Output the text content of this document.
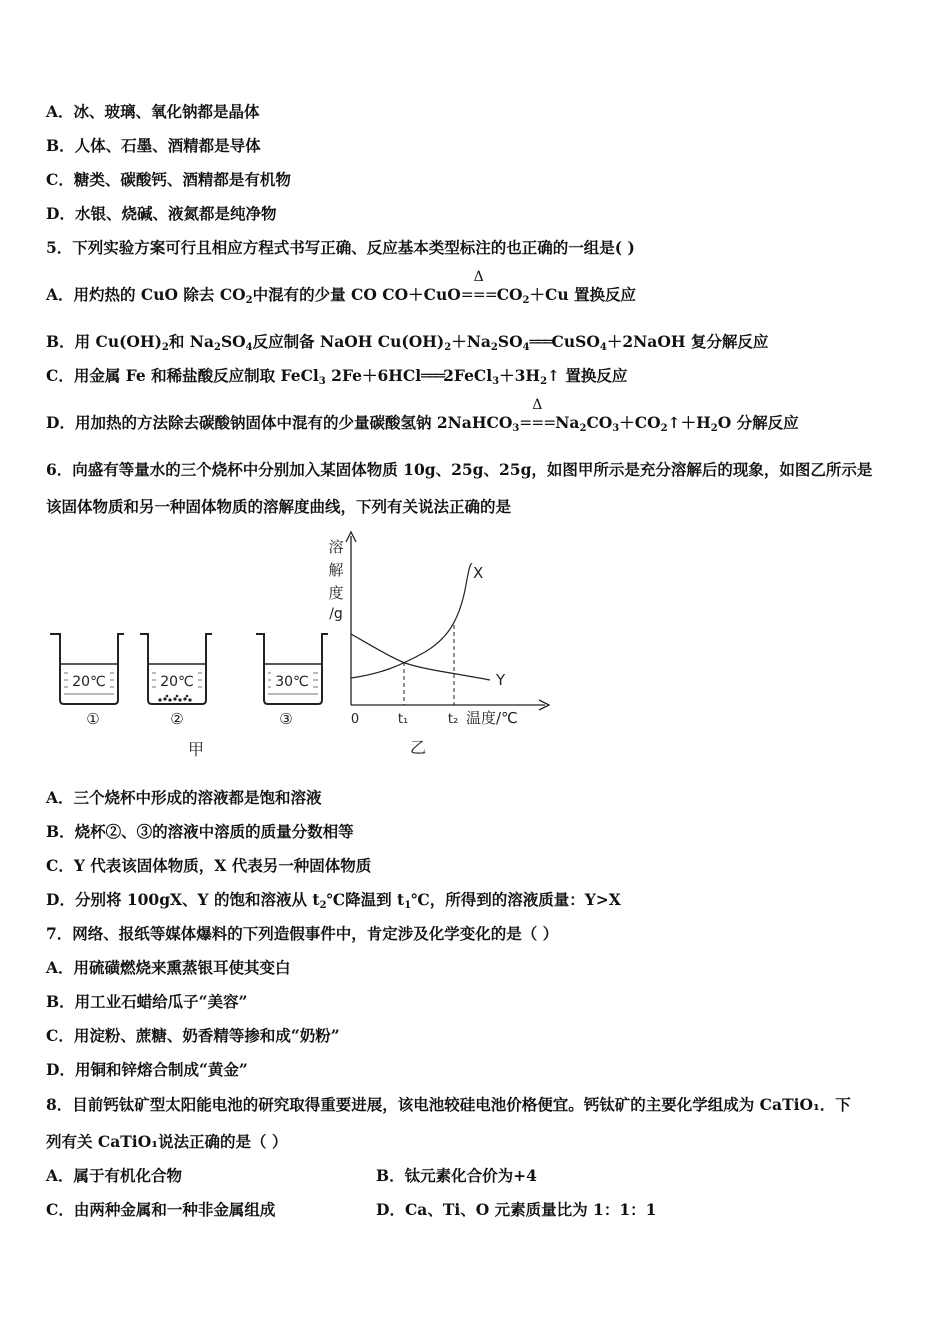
A．冰、玻璃、氧化钠都是晶体
B．人体、石墨、酒精都是导体
C．糖类、碳酸钙、酒精都是有机物
D．水银、烧碱、液氮都是纯净物
5．下列实验方案可行且相应方程式书写正确、反应基本类型标注的也正确的一组是( )
A．用灼热的 CuO 除去 $CO_2$中混有的少量 CO CO＋CuO
Δ
$===CO_2+Cu$ 置换反应
B．用 $Cu(OH)_2$和 $Na_2SO_4$反应制备 NaOH $Cu(OH)_2+Na_2SO_4═══CuSO_4+2NaOH$ 复分解反应
C．用金属 Fe 和稀盐酸反应制取 FeCl$_3$ $2Fe+6HCl═══2FeCl_3+3H_2↑$ 置换反应
D．用加热的方法除去碳酸钠固体中混有的少量碳酸氢钠 2NaHCO$_3$
Δ
$===Na_2CO_3+CO_2↑+H_2O$ 分解反应
6．向盛有等量水的三个烧杯中分别加入某固体物质 10g、25g、25g，如图甲所示是充分溶解后的现象，如图乙所示是
该固体物质和另一种固体物质的溶解度曲线，下列有关说法正确的是
20℃
①
20℃
②
30℃
③
甲
溶
解
度
/g
X
Y
0	t₁	t₂ 温度/℃
乙
A．三个烧杯中形成的溶液都是饱和溶液
B．烧杯②、③的溶液中溶质的质量分数相等
C．Y 代表该固体物质，X 代表另一种固体物质
D．分别将 100gX、Y 的饱和溶液从 $t_2℃$降温到 $t_1℃$，所得到的溶液质量：Y>X
7．网络、报纸等媒体爆料的下列造假事件中，肯定涉及化学变化的是（ ）
A．用硫磺燃烧来熏蒸银耳使其变白
B．用工业石蜡给瓜子“美容”
C．用淀粉、蔗糖、奶香精等掺和成“奶粉”
D．用铜和锌熔合制成“黄金”
8．目前钙钛矿型太阳能电池的研究取得重要进展，该电池较硅电池价格便宜。钙钛矿的主要化学组成为 CaTiO₁．下
列有关 CaTiO₁说法正确的是（ ）
A．属于有机化合物	B．钛元素化合价为+4
C．由两种金属和一种非金属组成	D．Ca、Ti、O 元素质量比为 1：1：1
